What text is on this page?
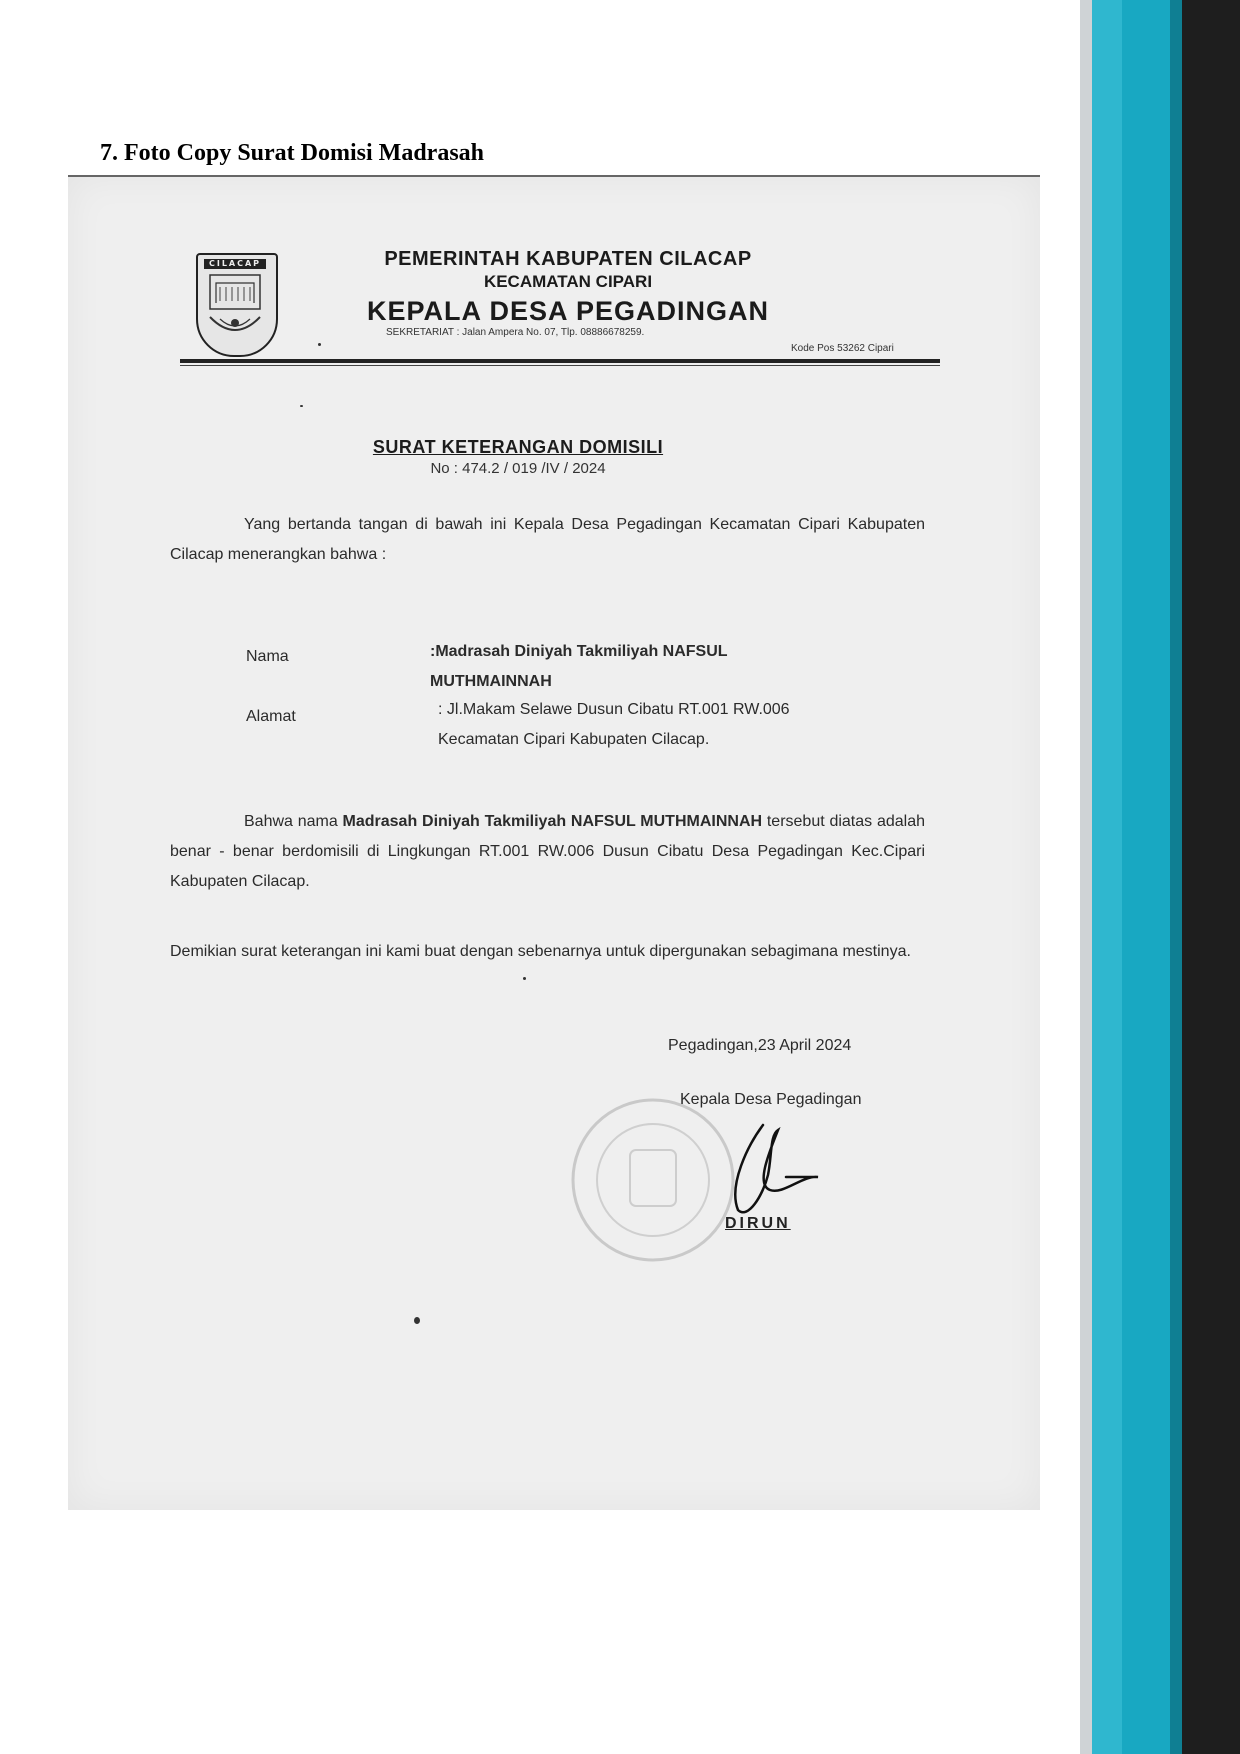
7. Foto Copy Surat Domisi Madrasah
CILACAP	PEMERINTAH KABUPATEN CILACAP

KECAMATAN CIPARI

KEPALA DESA PEGADINGAN

SEKRETARIAT : Jalan Ampera No. 07, Tlp. 08886678259.
Kode Pos 53262 Cipari

SURAT KETERANGAN DOMISILI

No : 474.2 / 019 /IV / 2024

Yang bertanda tangan di bawah ini Kepala Desa Pegadingan Kecamatan Cipari Kabupaten Cilacap menerangkan bahwa :

Nama	:Madrasah Diniyah Takmiliyah NAFSUL MUTHMAINNAH
Alamat	: Jl.Makam Selawe Dusun Cibatu RT.001 RW.006 Kecamatan Cipari Kabupaten Cilacap.

Bahwa nama Madrasah Diniyah Takmiliyah NAFSUL MUTHMAINNAH tersebut diatas adalah benar - benar berdomisili di Lingkungan RT.001 RW.006 Dusun Cibatu Desa Pegadingan Kec.Cipari Kabupaten Cilacap.

Demikian surat keterangan ini kami buat dengan sebenarnya untuk dipergunakan sebagimana mestinya.

Pegadingan,23 April 2024
Kepala Desa Pegadingan
DIRUN
